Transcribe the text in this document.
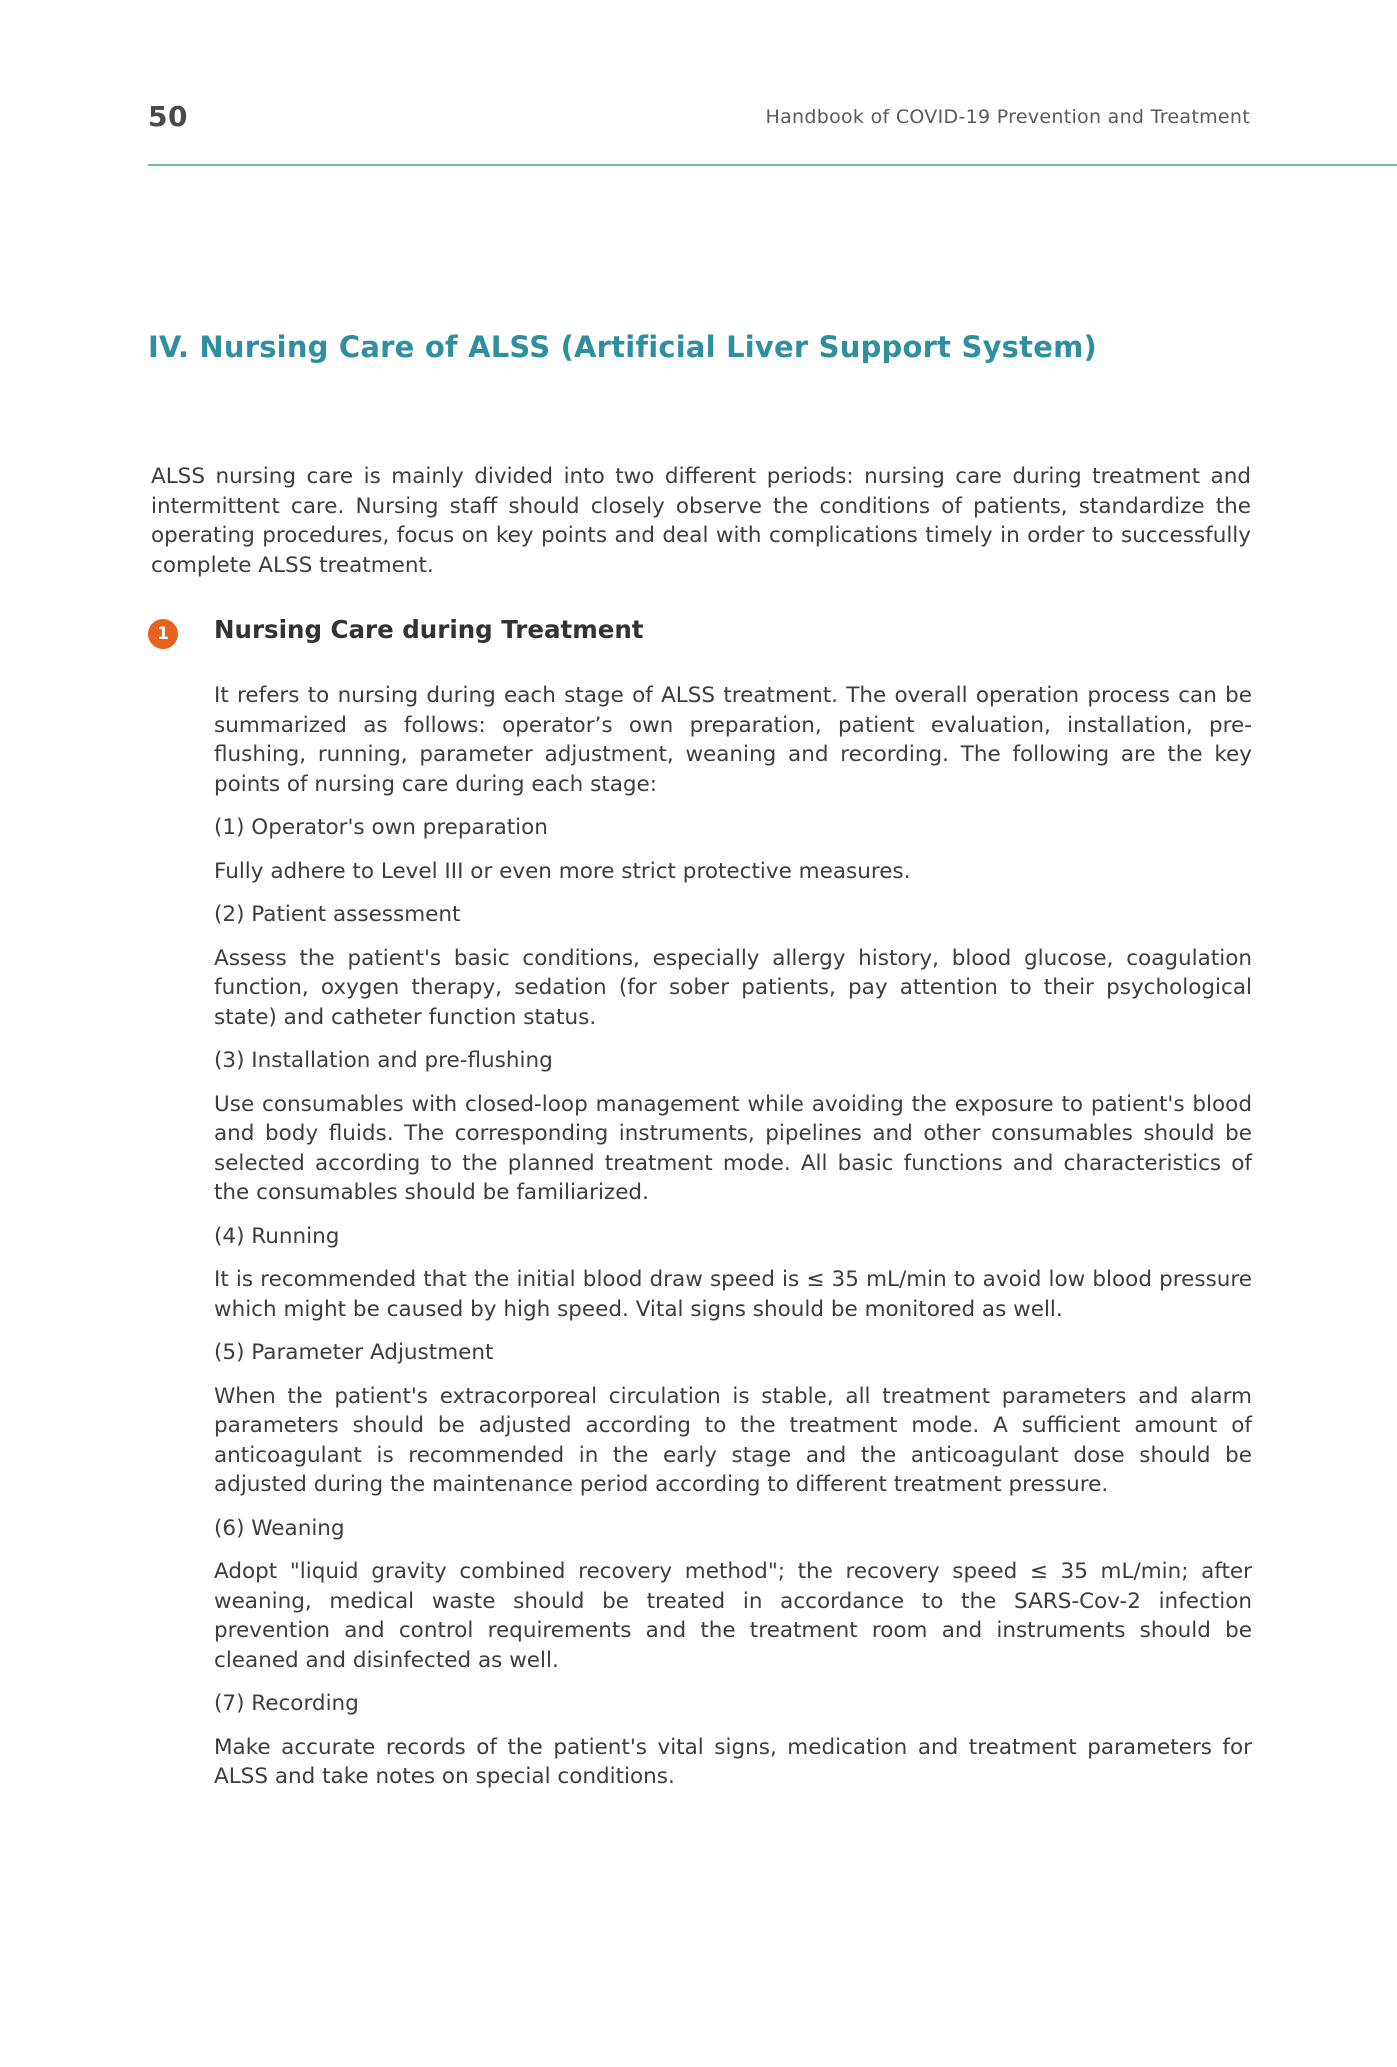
50	Handbook of COVID-19 Prevention and Treatment
IV. Nursing Care of ALSS (Artificial Liver Support System)

ALSS nursing care is mainly divided into two different periods: nursing care during treatment and intermittent care. Nursing staff should closely observe the conditions of patients, standardize the operating procedures, focus on key points and deal with complications timely in order to successfully complete ALSS treatment.

1	Nursing Care during Treatment

It refers to nursing during each stage of ALSS treatment. The overall operation process can be summarized as follows: operator’s own preparation, patient evaluation, installation, pre-flushing, running, parameter adjustment, weaning and recording. The following are the key points of nursing care during each stage:

(1) Operator's own preparation

Fully adhere to Level III or even more strict protective measures.

(2) Patient assessment

Assess the patient's basic conditions, especially allergy history, blood glucose, coagulation function, oxygen therapy, sedation (for sober patients, pay attention to their psychological state) and catheter function status.

(3) Installation and pre-flushing

Use consumables with closed-loop management while avoiding the exposure to patient's blood and body fluids. The corresponding instruments, pipelines and other consumables should be selected according to the planned treatment mode. All basic functions and characteristics of the consumables should be familiarized.

(4) Running

It is recommended that the initial blood draw speed is ≤ 35 mL/min to avoid low blood pressure which might be caused by high speed. Vital signs should be monitored as well.

(5) Parameter Adjustment

When the patient's extracorporeal circulation is stable, all treatment parameters and alarm parameters should be adjusted according to the treatment mode. A sufficient amount of anticoagulant is recommended in the early stage and the anticoagulant dose should be adjusted during the maintenance period according to different treatment pressure.

(6) Weaning

Adopt "liquid gravity combined recovery method"; the recovery speed ≤ 35 mL/min; after weaning, medical waste should be treated in accordance to the SARS-Cov-2 infection prevention and control requirements and the treatment room and instruments should be cleaned and disinfected as well.

(7) Recording

Make accurate records of the patient's vital signs, medication and treatment parameters for ALSS and take notes on special conditions.
